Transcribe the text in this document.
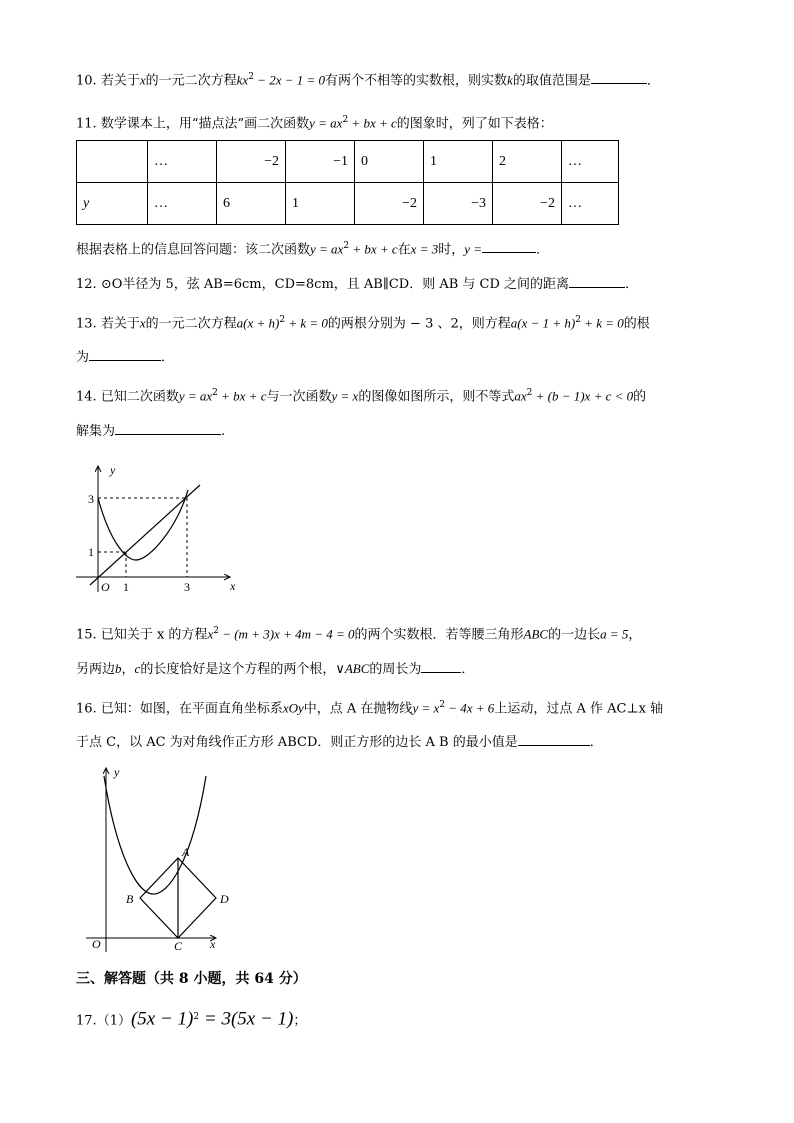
10. 若关于x的一元二次方程$kx^2 - 2x - 1 = 0$有两个不相等的实数根，则实数k的取值范围是	．
11. 数学课本上，用“描点法”画二次函数$y = ax^2$ + bx + c的图象时，列了如下表格：
	…	−2	−1	0	1	2	…
y	…	6	1	−2	−3	−2	…
根据表格上的信息回答问题：该二次函数$y = ax^2$ + bx + c在x = 3时，y =	．
12. ⊙O半径为 5，弦 AB=6cm，CD=8cm，且 AB∥CD．则 AB 与 CD 之间的距离	．
13. 若关于x的一元二次方程$a(x + h)^2 + k = 0$的两根分别为 − 3 、2，则方程$a(x - 1 + h)^2 + k = 0$的根
为	．
14. 已知二次函数$y = ax^2$ + bx + c与一次函数y = x的图像如图所示，则不等式$ax^2 + (b - 1)x + c < 0$的
解集为	.
y
x
O 1	3
1
3
15. 已知关于 x 的方程$x^2 - (m + 3)x + 4m - 4 = 0$的两个实数根．若等腰三角形ABC的一边长a = 5，
另两边b，c的长度恰好是这个方程的两个根，∨ABC的周长为	．
16. 已知：如图，在平面直角坐标系xOy中，点 A 在抛物线$y = x^2 - 4x + 6$上运动，过点 A 作 AC⊥x 轴
于点 C，以 AC 为对角线作正方形 ABCD．则正方形的边长 A B 的最小值是	．
y
x
O
A
B
C
D
三、解答题（共 8 小题，共 64 分）
$17.(1)(5x - 1)^2 = 3(5x - 1)$；
